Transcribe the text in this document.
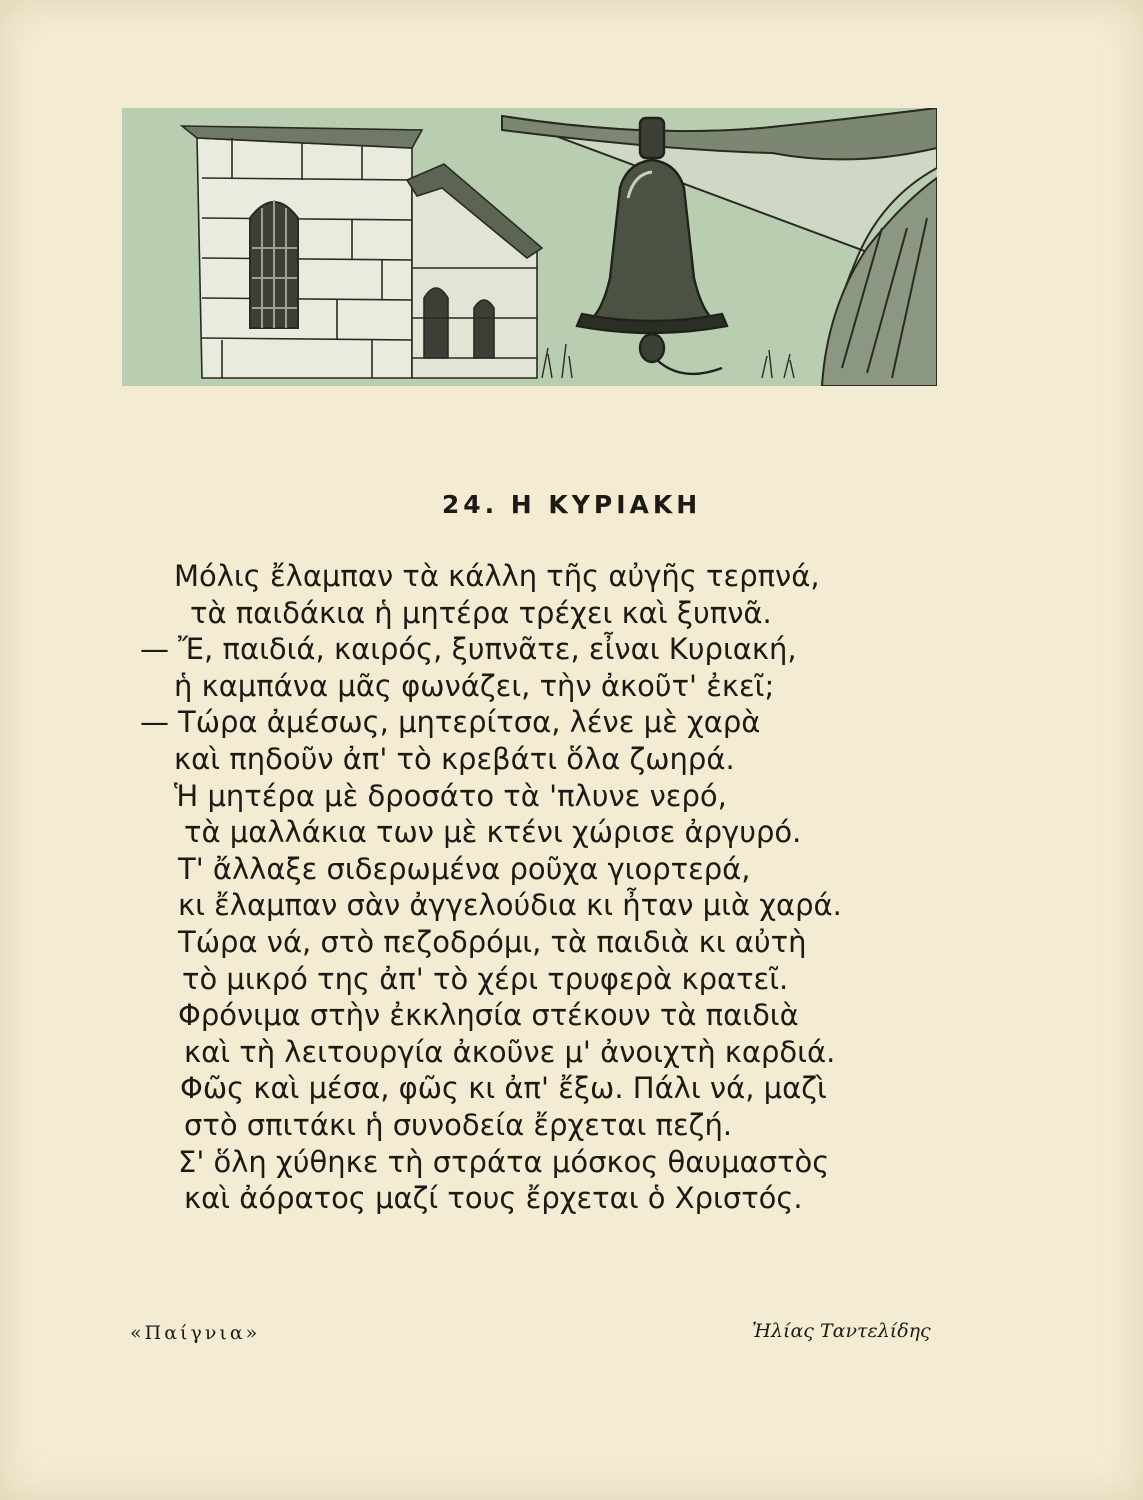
24. Η ΚΥΡΙΑΚΗ
Μόλις ἔλαμπαν τὰ κάλλη τῆς αὐγῆς τερπνά,
τὰ παιδάκια ἡ μητέρα τρέχει καὶ ξυπνᾶ.
— Ἔ, παιδιά, καιρός, ξυπνᾶτε, εἶναι Κυριακή,
ἡ καμπάνα μᾶς φωνάζει, τὴν ἀκοῦτ' ἐκεῖ;
— Τώρα ἀμέσως, μητερίτσα, λένε μὲ χαρὰ
καὶ πηδοῦν ἀπ' τὸ κρεβάτι ὅλα ζωηρά.
Ἡ μητέρα μὲ δροσάτο τὰ 'πλυνε νερό,
τὰ μαλλάκια των μὲ κτένι χώρισε ἀργυρό.
Τ' ἄλλαξε σιδερωμένα ροῦχα γιορτερά,
κι ἔλαμπαν σὰν ἀγγελούδια κι ἦταν μιὰ χαρά.
Τώρα νά, στὸ πεζοδρόμι, τὰ παιδιὰ κι αὐτὴ
τὸ μικρό της ἀπ' τὸ χέρι τρυφερὰ κρατεῖ.
Φρόνιμα στὴν ἐκκλησία στέκουν τὰ παιδιὰ
καὶ τὴ λειτουργία ἀκοῦνε μ' ἀνοιχτὴ καρδιά.
Φῶς καὶ μέσα, φῶς κι ἀπ' ἔξω. Πάλι νά, μαζὶ
στὸ σπιτάκι ἡ συνοδεία ἔρχεται πεζή.
Σ' ὅλη χύθηκε τὴ στράτα μόσκος θαυμαστὸς
καὶ ἀόρατος μαζί τους ἔρχεται ὁ Χριστός.
«Παίγνια»	Ἠλίας Ταντελίδης
